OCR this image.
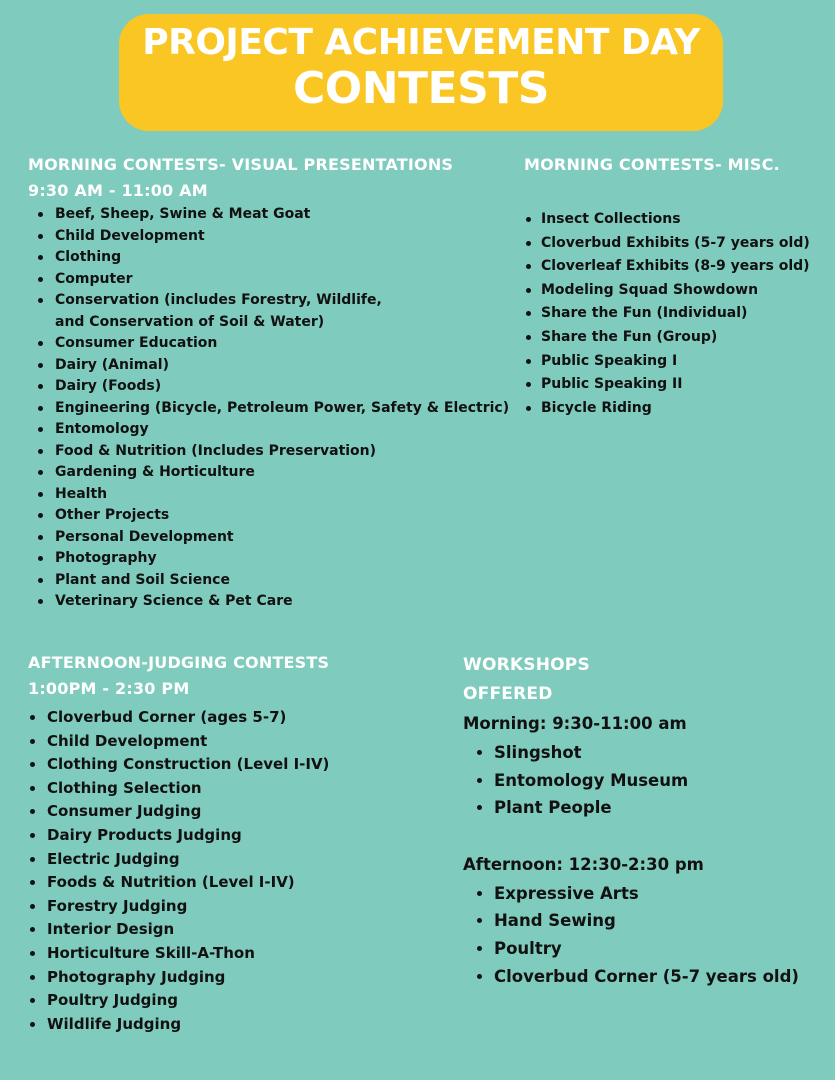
PROJECT ACHIEVEMENT DAY
CONTESTS

MORNING CONTESTS- VISUAL PRESENTATIONS

9:30 AM - 11:00 AM

Beef, Sheep, Swine & Meat Goat
Child Development
Clothing
Computer
Conservation (includes Forestry, Wildlife, and Conservation of Soil & Water)
Consumer Education
Dairy (Animal)
Dairy (Foods)
Engineering (Bicycle, Petroleum Power, Safety & Electric)
Entomology
Food & Nutrition (Includes Preservation)
Gardening & Horticulture
Health
Other Projects
Personal Development
Photography
Plant and Soil Science
Veterinary Science & Pet Care

MORNING CONTESTS- MISC.

Insect Collections
Cloverbud Exhibits (5-7 years old)
Cloverleaf Exhibits (8-9 years old)
Modeling Squad Showdown
Share the Fun (Individual)
Share the Fun (Group)
Public Speaking I
Public Speaking II
Bicycle Riding

AFTERNOON-JUDGING CONTESTS

1:00PM - 2:30 PM

Cloverbud Corner (ages 5-7)
Child Development
Clothing Construction (Level I-IV)
Clothing Selection
Consumer Judging
Dairy Products Judging
Electric Judging
Foods & Nutrition (Level I-IV)
Forestry Judging
Interior Design
Horticulture Skill-A-Thon
Photography Judging
Poultry Judging
Wildlife Judging

WORKSHOPS

OFFERED

Morning: 9:30-11:00 am

Slingshot
Entomology Museum
Plant People

Afternoon: 12:30-2:30 pm

Expressive Arts
Hand Sewing
Poultry
Cloverbud Corner (5-7 years old)
